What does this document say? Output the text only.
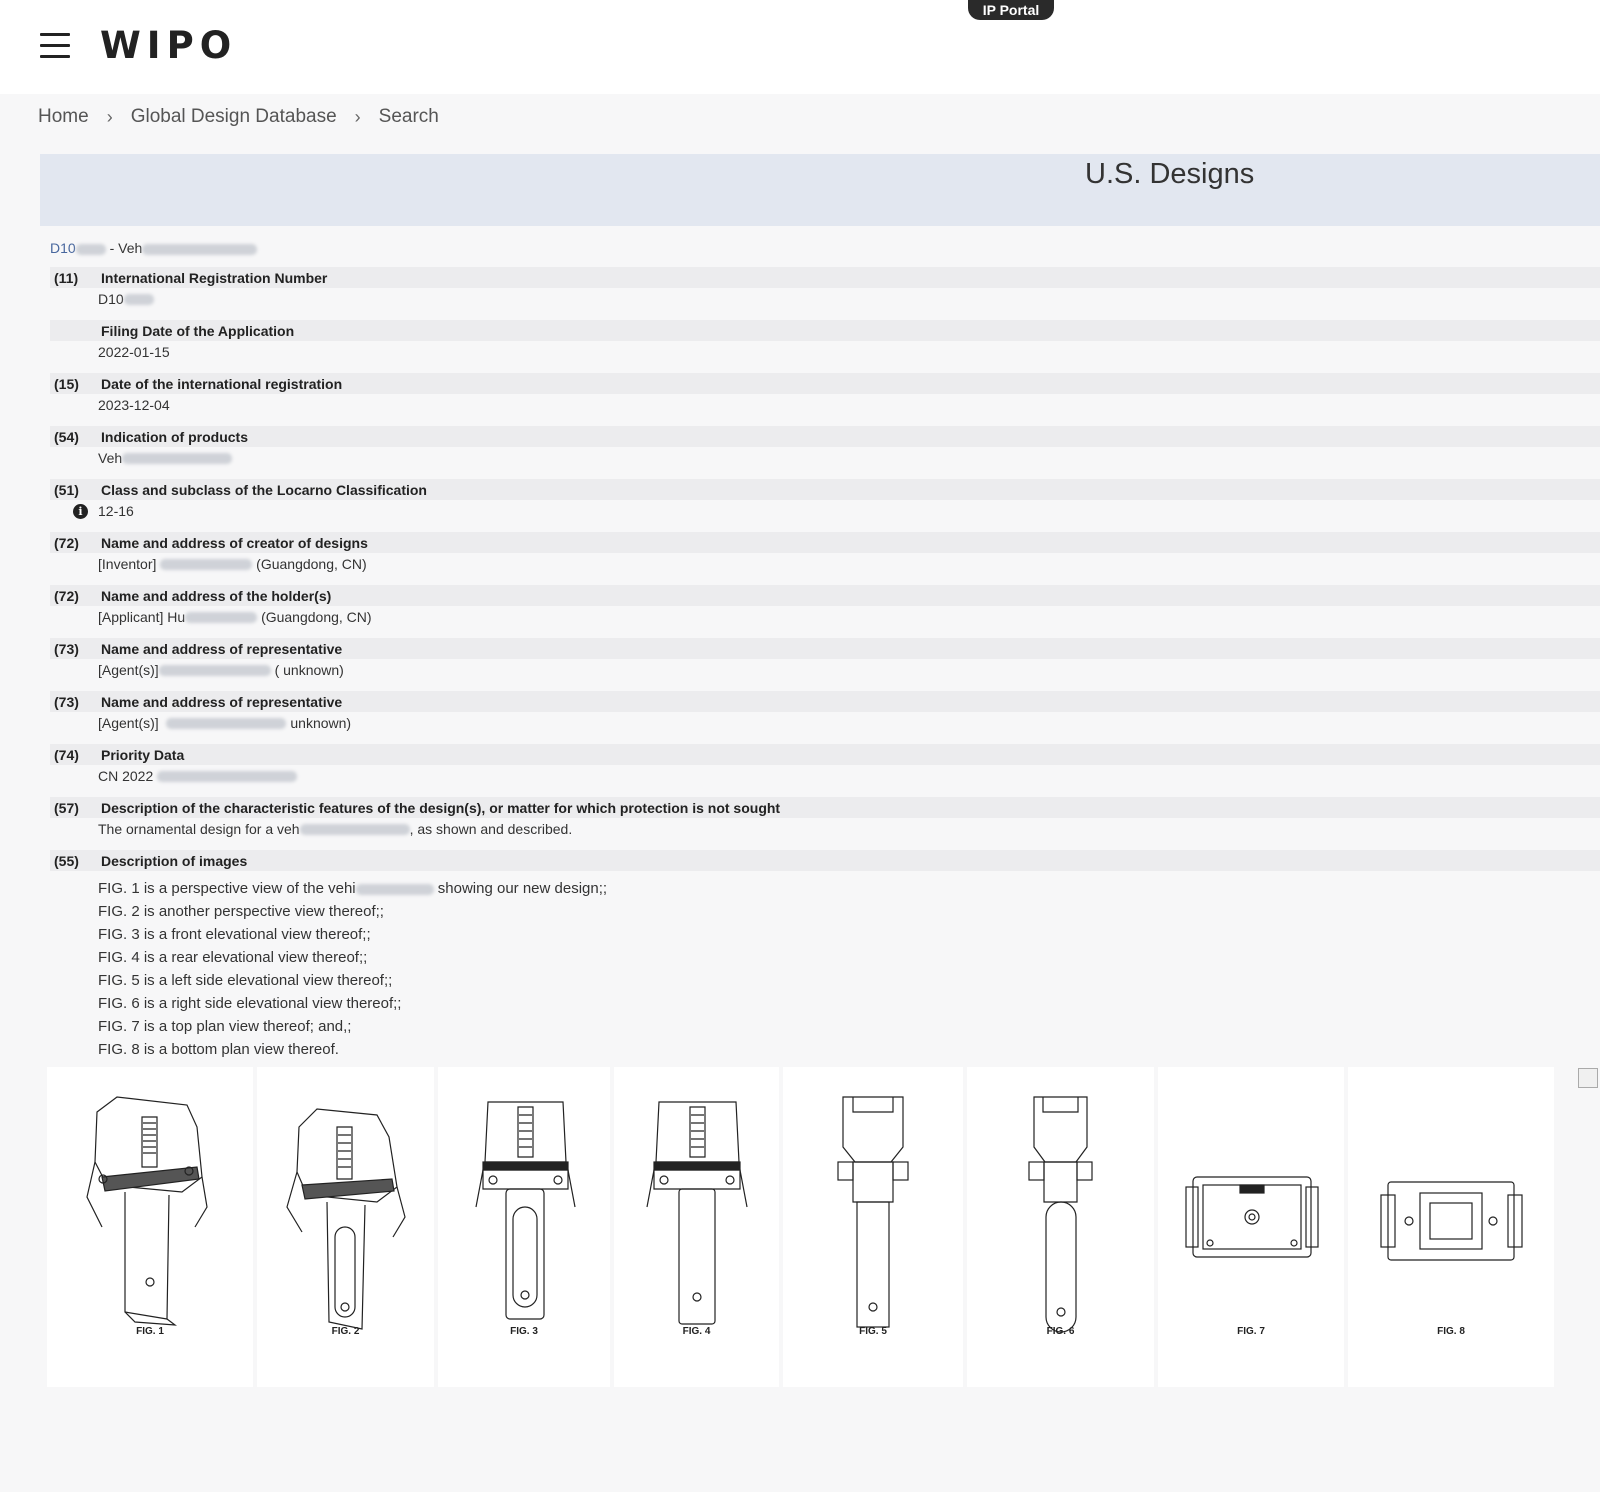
WIPO
IP Portal
Home › Global Design Database › Search
U.S. Designs
D10 - Veh
(11)	International Registration Number
D10
Filing Date of the Application
2022-01-15
(15)	Date of the international registration
2023-12-04
(54)	Indication of products
Veh
(51)	Class and subclass of the Locarno Classification
i	12-16
(72)	Name and address of creator of designs
[Inventor]

	(Guangdong, CN)
(72)	Name and address of the holder(s)
[Applicant] Hu
	(Guangdong, CN)
(73)	Name and address of representative
[Agent(s)]
	( unknown)
(73)	Name and address of representative
[Agent(s)]

	unknown)
(74)	Priority Data
CN 2022

(57)	Description of the characteristic features of the design(s), or matter for which protection is not sought
The ornamental design for a veh	, as shown and described.
(55)	Description of images
FIG. 1 is a perspective view of the vehi	showing our new design;;
FIG. 2 is another perspective view thereof;;
FIG. 3 is a front elevational view thereof;;
FIG. 4 is a rear elevational view thereof;;
FIG. 5 is a left side elevational view thereof;;
FIG. 6 is a right side elevational view thereof;;
FIG. 7 is a top plan view thereof; and,;
FIG. 8 is a bottom plan view thereof.
FIG. 1	FIG. 2	FIG. 3	FIG. 4	FIG. 5	FIG. 6	FIG. 7	FIG. 8
